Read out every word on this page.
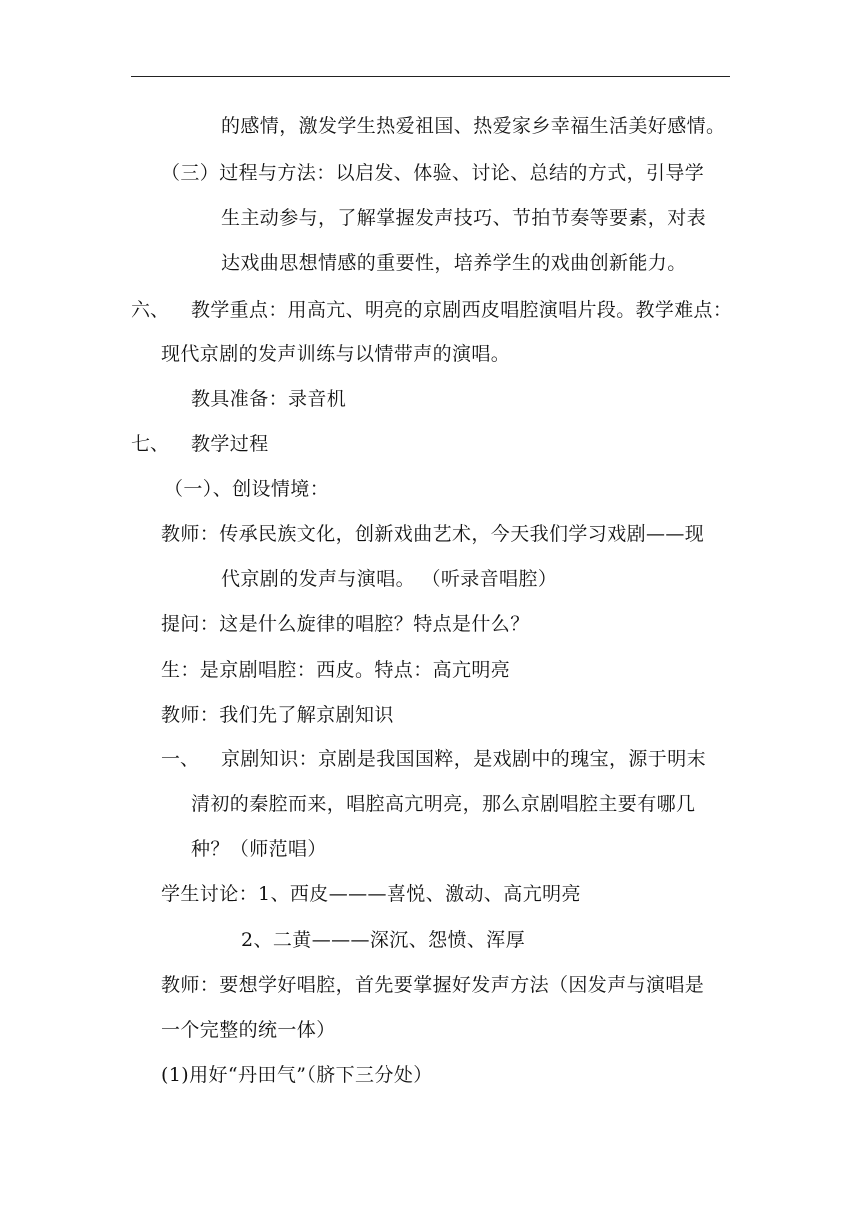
的感情，激发学生热爱祖国、热爱家乡幸福生活美好感情。
（三）过程与方法：以启发、体验、讨论、总结的方式，引导学
生主动参与，了解掌握发声技巧、节拍节奏等要素，对表
达戏曲思想情感的重要性，培养学生的戏曲创新能力。
六、 教学重点：用高亢、明亮的京剧西皮唱腔演唱片段。教学难点：
现代京剧的发声训练与以情带声的演唱。
教具准备：录音机
七、 教学过程
（一）、创设情境：
教师：传承民族文化，创新戏曲艺术，今天我们学习戏剧——现
代京剧的发声与演唱。 （听录音唱腔）
提问：这是什么旋律的唱腔？特点是什么？
生：是京剧唱腔：西皮。特点：高亢明亮
教师：我们先了解京剧知识
一、 京剧知识：京剧是我国国粹，是戏剧中的瑰宝，源于明末
清初的秦腔而来，唱腔高亢明亮，那么京剧唱腔主要有哪几
种？（师范唱）
学生讨论：1、西皮———喜悦、激动、高亢明亮
2、二黄———深沉、怨愤、浑厚
教师：要想学好唱腔，首先要掌握好发声方法（因发声与演唱是
一个完整的统一体）
(1)用好“丹田气”（脐下三分处）
